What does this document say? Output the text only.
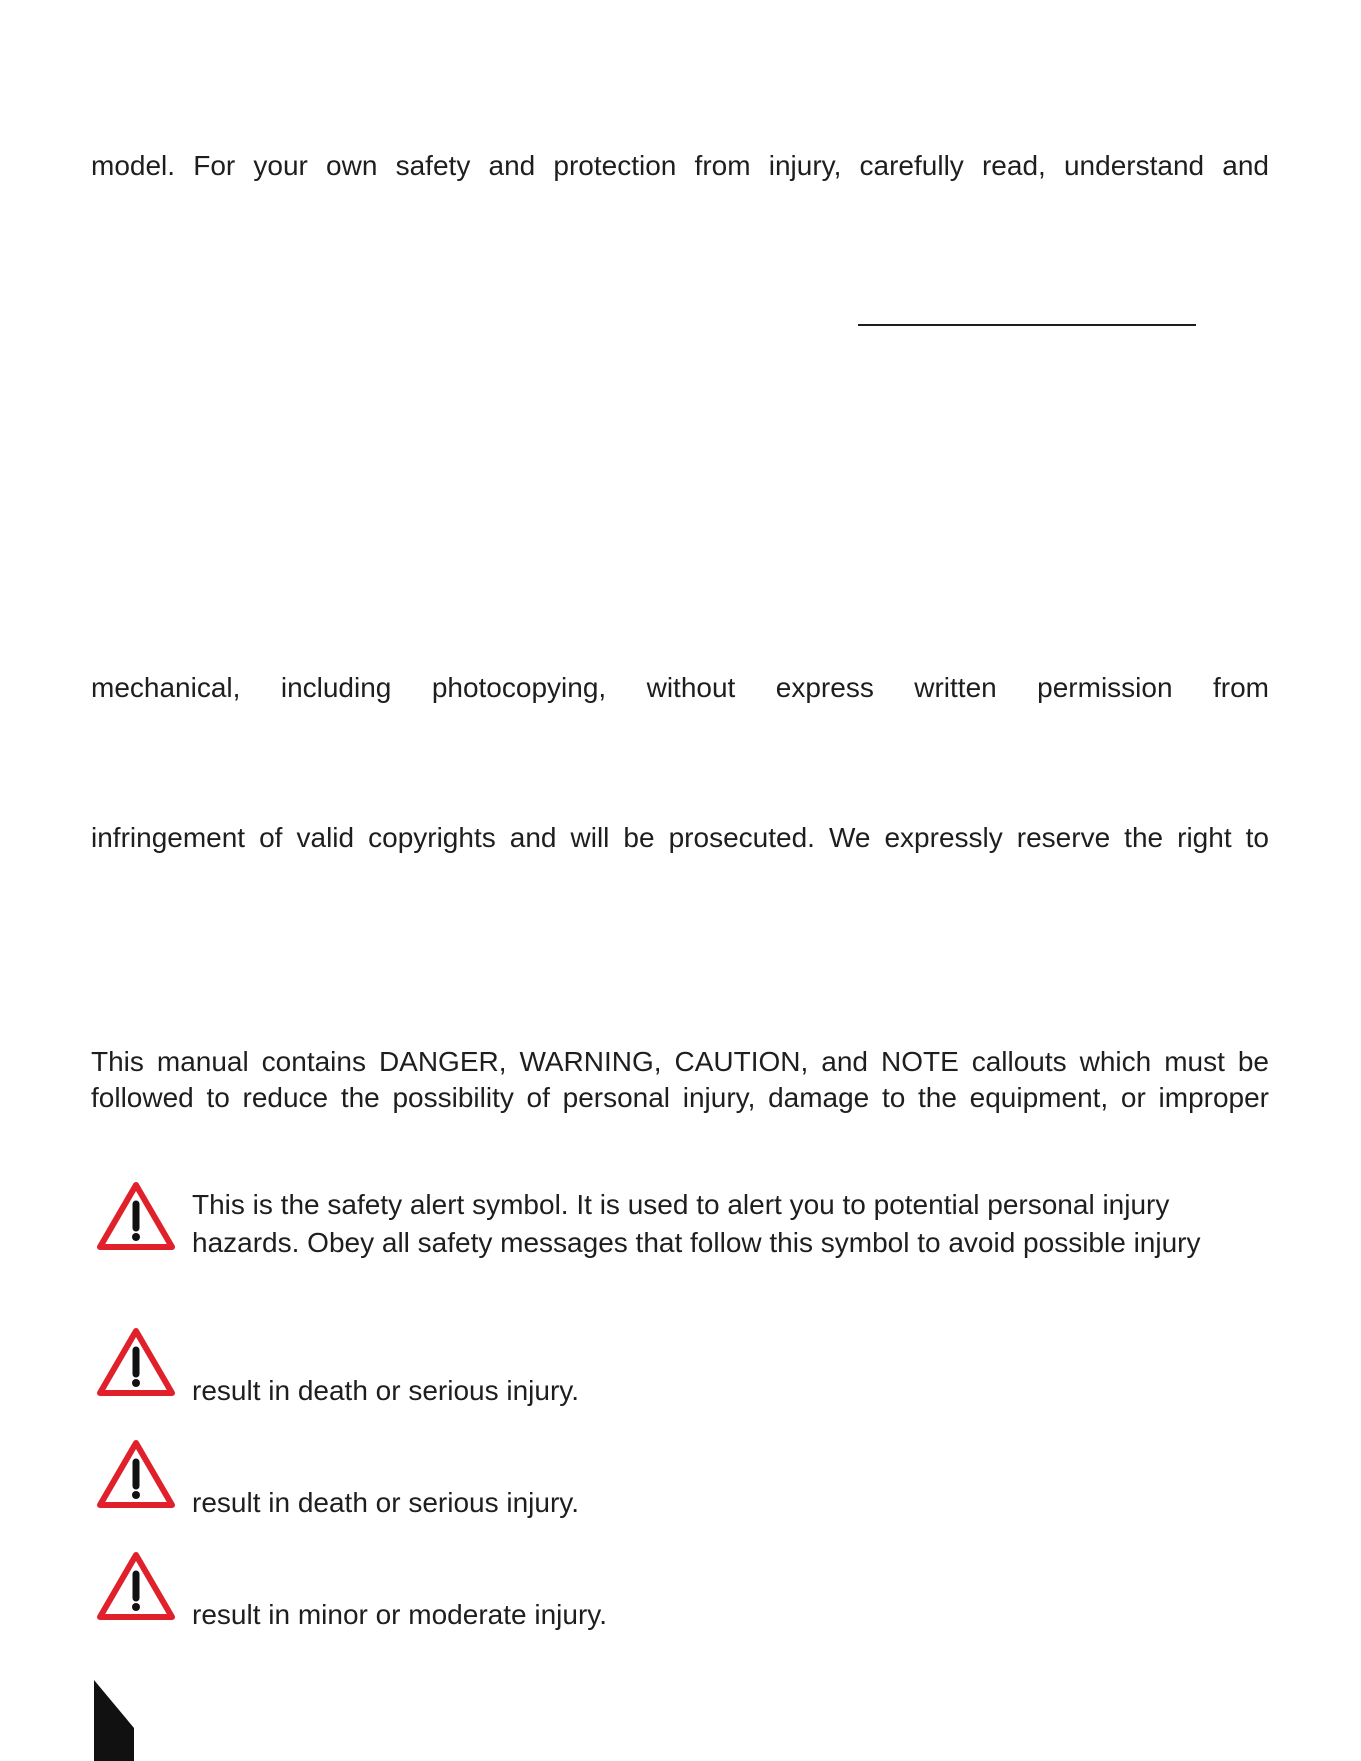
model. For your own safety and protection from injury, carefully read, understand and

mechanical, including photocopying, without express written permission from

infringement of valid copyrights and will be prosecuted. We expressly reserve the right to

This manual contains DANGER, WARNING, CAUTION, and NOTE callouts which must be

followed to reduce the possibility of personal injury, damage to the equipment, or improper

This is the safety alert symbol. It is used to alert you to potential personal injury

hazards. Obey all safety messages that follow this symbol to avoid possible injury

result in death or serious injury.

result in death or serious injury.

result in minor or moderate injury.
